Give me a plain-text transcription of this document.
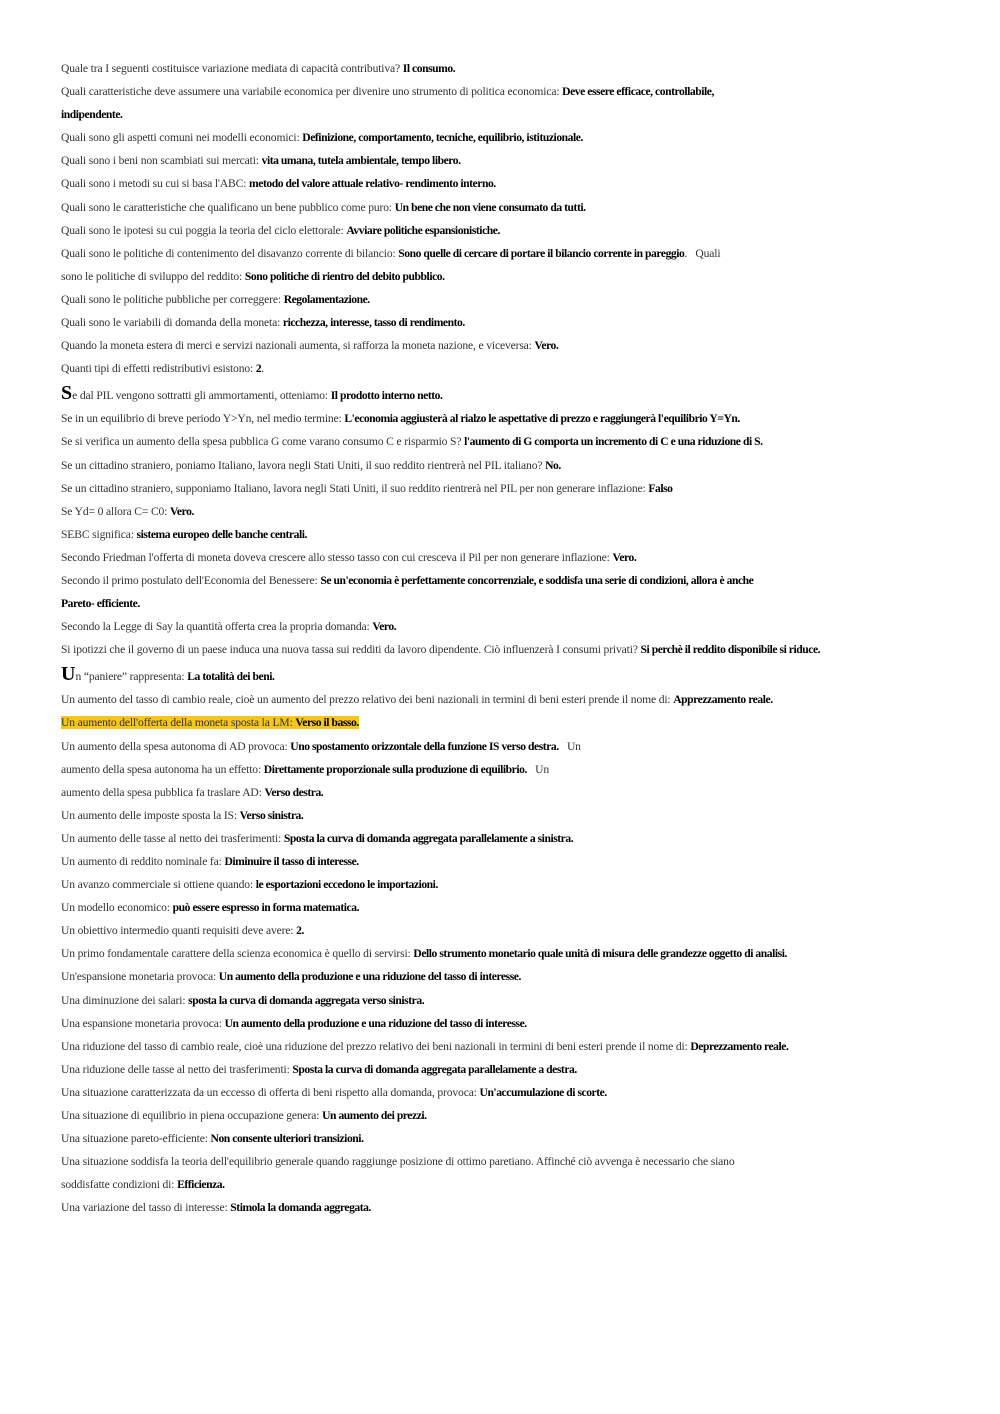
Quale tra I seguenti costituisce variazione mediata di capacità contributiva? Il consumo.
Quali caratteristiche deve assumere una variabile economica per divenire uno strumento di politica economica: Deve essere efficace, controllabile,
indipendente.
Quali sono gli aspetti comuni nei modelli economici: Definizione, comportamento, tecniche, equilibrio, istituzionale.
Quali sono i beni non scambiati sui mercati: vita umana, tutela ambientale, tempo libero.
Quali sono i metodi su cui si basa l'ABC: metodo del valore attuale relativo- rendimento interno.
Quali sono le caratteristiche che qualificano un bene pubblico come puro: Un bene che non viene consumato da tutti.
Quali sono le ipotesi su cui poggia la teoria del ciclo elettorale: Avviare politiche espansionistiche.
Quali sono le politiche di contenimento del disavanzo corrente di bilancio: Sono quelle di cercare di portare il bilancio corrente in pareggio.   Quali
sono le politiche di sviluppo del reddito: Sono politiche di rientro del debito pubblico.
Quali sono le politiche pubbliche per correggere: Regolamentazione.
Quali sono le variabili di domanda della moneta: ricchezza, interesse, tasso di rendimento.
Quando la moneta estera di merci e servizi nazionali aumenta, si rafforza la moneta nazione, e viceversa: Vero.
Quanti tipi di effetti redistributivi esistono: 2.
Se dal PIL vengono sottratti gli ammortamenti, otteniamo: Il prodotto interno netto.
Se in un equilibrio di breve periodo Y>Yn, nel medio termine: L'economia aggiusterà al rialzo le aspettative di prezzo e raggiungerà l'equilibrio Y=Yn.
Se si verifica un aumento della spesa pubblica G come varano consumo C e risparmio S? l'aumento di G comporta un incremento di C e una riduzione di S.
Se un cittadino straniero, poniamo Italiano, lavora negli Stati Uniti, il suo reddito rientrerà nel PIL italiano? No.
Se un cittadino straniero, supponiamo Italiano, lavora negli Stati Uniti, il suo reddito rientrerà nel PIL per non generare inflazione: Falso
Se Yd= 0 allora C= C0: Vero.
SEBC significa: sistema europeo delle banche centrali.
Secondo Friedman l'offerta di moneta doveva crescere allo stesso tasso con cui cresceva il Pil per non generare inflazione: Vero.
Secondo il primo postulato dell'Economia del Benessere: Se un'economia è perfettamente concorrenziale, e soddisfa una serie di condizioni, allora è anche
Pareto- efficiente.
Secondo la Legge di Say la quantità offerta crea la propria domanda: Vero.
Si ipotizzi che il governo di un paese induca una nuova tassa sui redditi da lavoro dipendente. Ciò influenzerà I consumi privati? Si perchè il reddito disponibile si riduce.
Un “paniere” rappresenta: La totalità dei beni.
Un aumento del tasso di cambio reale, cioè un aumento del prezzo relativo dei beni nazionali in termini di beni esteri prende il nome di: Apprezzamento reale.
Un aumento dell'offerta della moneta sposta la LM: Verso il basso.
Un aumento della spesa autonoma di AD provoca: Uno spostamento orizzontale della funzione IS verso destra.   Un
aumento della spesa autonoma ha un effetto: Direttamente proporzionale sulla produzione di equilibrio.   Un
aumento della spesa pubblica fa traslare AD: Verso destra.
Un aumento delle imposte sposta la IS: Verso sinistra.
Un aumento delle tasse al netto dei trasferimenti: Sposta la curva di domanda aggregata parallelamente a sinistra.
Un aumento di reddito nominale fa: Diminuire il tasso di interesse.
Un avanzo commerciale si ottiene quando: le esportazioni eccedono le importazioni.
Un modello economico: può essere espresso in forma matematica.
Un obiettivo intermedio quanti requisiti deve avere: 2.
Un primo fondamentale carattere della scienza economica è quello di servirsi: Dello strumento monetario quale unità di misura delle grandezze oggetto di analisi.
Un'espansione monetaria provoca: Un aumento della produzione e una riduzione del tasso di interesse.
Una diminuzione dei salari: sposta la curva di domanda aggregata verso sinistra.
Una espansione monetaria provoca: Un aumento della produzione e una riduzione del tasso di interesse.
Una riduzione del tasso di cambio reale, cioè una riduzione del prezzo relativo dei beni nazionali in termini di beni esteri prende il nome di: Deprezzamento reale.
Una riduzione delle tasse al netto dei trasferimenti: Sposta la curva di domanda aggregata parallelamente a destra.
Una situazione caratterizzata da un eccesso di offerta di beni rispetto alla domanda, provoca: Un'accumulazione di scorte.
Una situazione di equilibrio in piena occupazione genera: Un aumento dei prezzi.
Una situazione pareto-efficiente: Non consente ulteriori transizioni.
Una situazione soddisfa la teoria dell'equilibrio generale quando raggiunge posizione di ottimo paretiano. Affinché ciò avvenga è necessario che siano
soddisfatte condizioni di: Efficienza.
Una variazione del tasso di interesse: Stimola la domanda aggregata.
